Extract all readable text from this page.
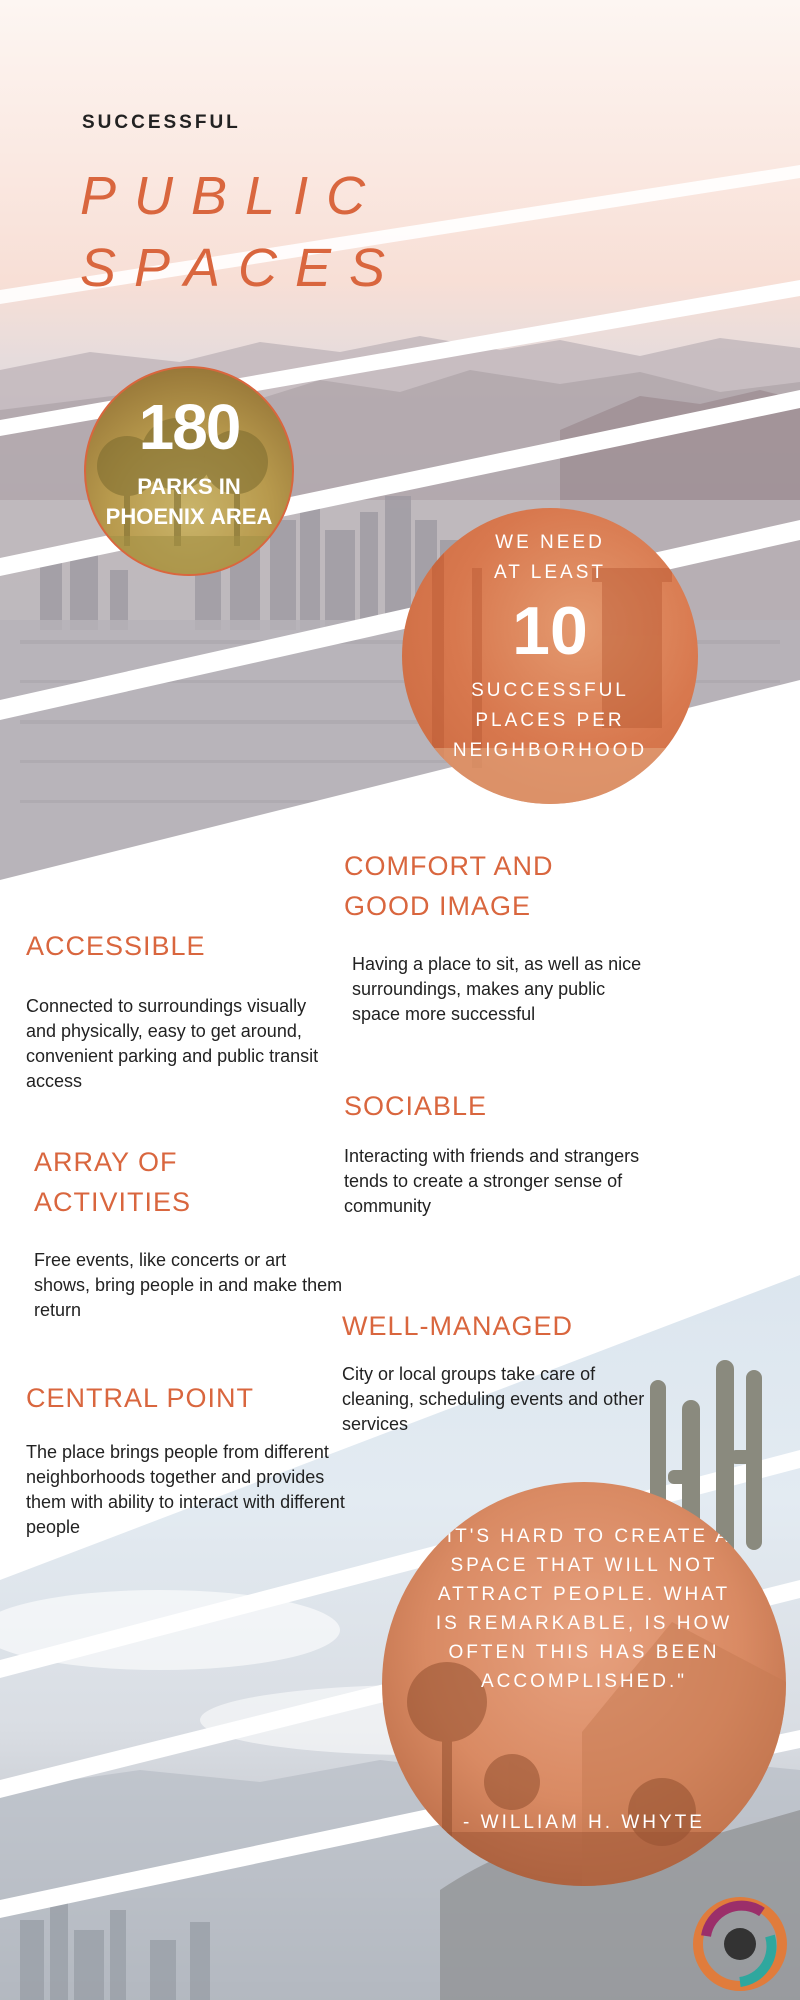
SUCCESSFUL
PUBLIC
SPACES
180
PARKS IN
PHOENIX AREA
WE NEED
AT LEAST
10
SUCCESSFUL
PLACES PER
NEIGHBORHOOD
COMFORT AND
GOOD IMAGE

Having a place to sit, as well as nice surroundings, makes any public space more successful

ACCESSIBLE

Connected to surroundings visually and physically, easy to get around, convenient parking and public transit access

SOCIABLE

Interacting with friends and strangers tends to create a stronger sense of community

ARRAY OF
ACTIVITIES

Free events, like concerts or art shows, bring people in and make them return

WELL-MANAGED

City or local groups take care of cleaning, scheduling events and other services

CENTRAL POINT

The place brings people from different neighborhoods together and provides them with ability to interact with different people	"IT'S HARD TO CREATE A SPACE THAT WILL NOT ATTRACT PEOPLE. WHAT IS REMARKABLE, IS HOW OFTEN THIS HAS BEEN ACCOMPLISHED."
- WILLIAM H. WHYTE
